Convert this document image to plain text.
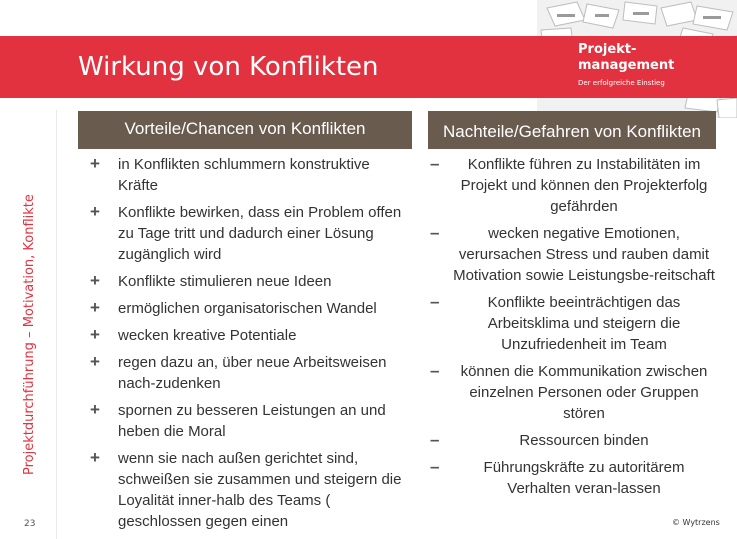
Wirkung von Konflikten
Projekt-
management
Der erfolgreiche Einstieg
Projektdurchführung – Motivation, Konflikte
23
Vorteile/Chancen von Konflikten	Nachteile/Gefahren von Konflikten
+ in Konflikten schlummern konstruktive Kräfte
+ Konflikte bewirken, dass ein Problem offen zu Tage tritt und dadurch einer Lösung zugänglich wird
+ Konflikte stimulieren neue Ideen
+ ermöglichen organisatorischen Wandel
+ wecken kreative Potentiale
+ regen dazu an, über neue Arbeitsweisen nach-zudenken
+ spornen zu besseren Leistungen an und heben die Moral
+ wenn sie nach außen gerichtet sind, schweißen sie zusammen und steigern die Loyalität inner-halb des Teams ( geschlossen gegen einen
–	Konflikte führen zu Instabilitäten im Projekt und können den Projekterfolg gefährden
–	wecken negative Emotionen, verursachen Stress und rauben damit Motivation sowie Leistungsbe-reitschaft
–	Konflikte beeinträchtigen das Arbeitsklima und steigern die Unzufriedenheit im Team
–	können die Kommunikation zwischen einzelnen Personen oder Gruppen stören
–	Ressourcen binden
–	Führungskräfte zu autoritärem Verhalten veran-lassen
© Wytrzens
